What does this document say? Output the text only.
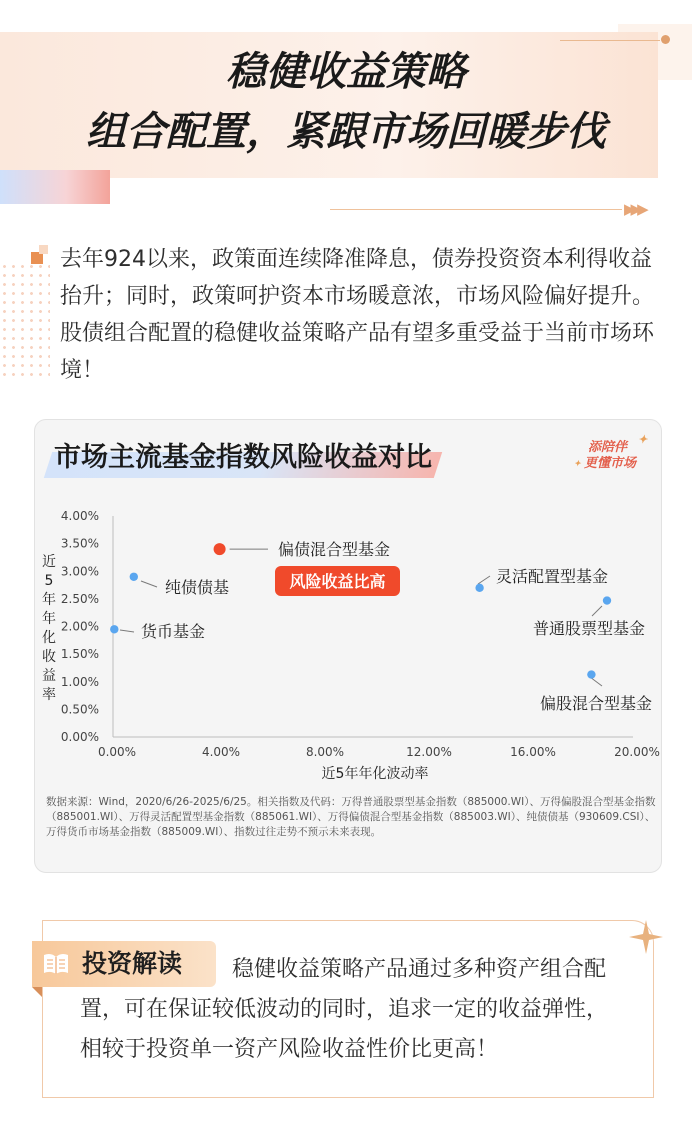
▶▶▶
稳健收益策略
组合配置，紧跟市场回暖步伐

去年924以来，政策面连续降准降息，债券投资资本利得收益抬升；同时，政策呵护资本市场暖意浓，市场风险偏好提升。股债组合配置的稳健收益策略产品有望多重受益于当前市场环境！

市场主流基金指数风险收益对比	添陪伴
更懂市场
✦
✦
0.00%	4.00%	8.00%	12.00%	16.00%	20.00%
0.00%
0.50%
1.00%
1.50%
2.00%
2.50%
3.00%
3.50%
4.00%
偏债混合型基金
纯债债基
货币基金
灵活配置型基金
普通股票型基金
偏股混合型基金
风险收益比高
近5年年化波动率
近
5
年
年
化
收
益
率

数据来源：Wind，2020/6/26-2025/6/25。相关指数及代码：万得普通股票型基金指数（885000.WI）、万得偏股混合型基金指数（885001.WI）、万得灵活配置型基金指数（885061.WI）、万得偏债混合型基金指数（885003.WI）、纯债债基（930609.CSI）、万得货币市场基金指数（885009.WI）、指数过往走势不预示未来表现。

投资解读	稳健收益策略产品通过多种资产组合配置，可在保证较低波动的同时，追求一定的收益弹性，相较于投资单一资产风险收益性价比更高！
